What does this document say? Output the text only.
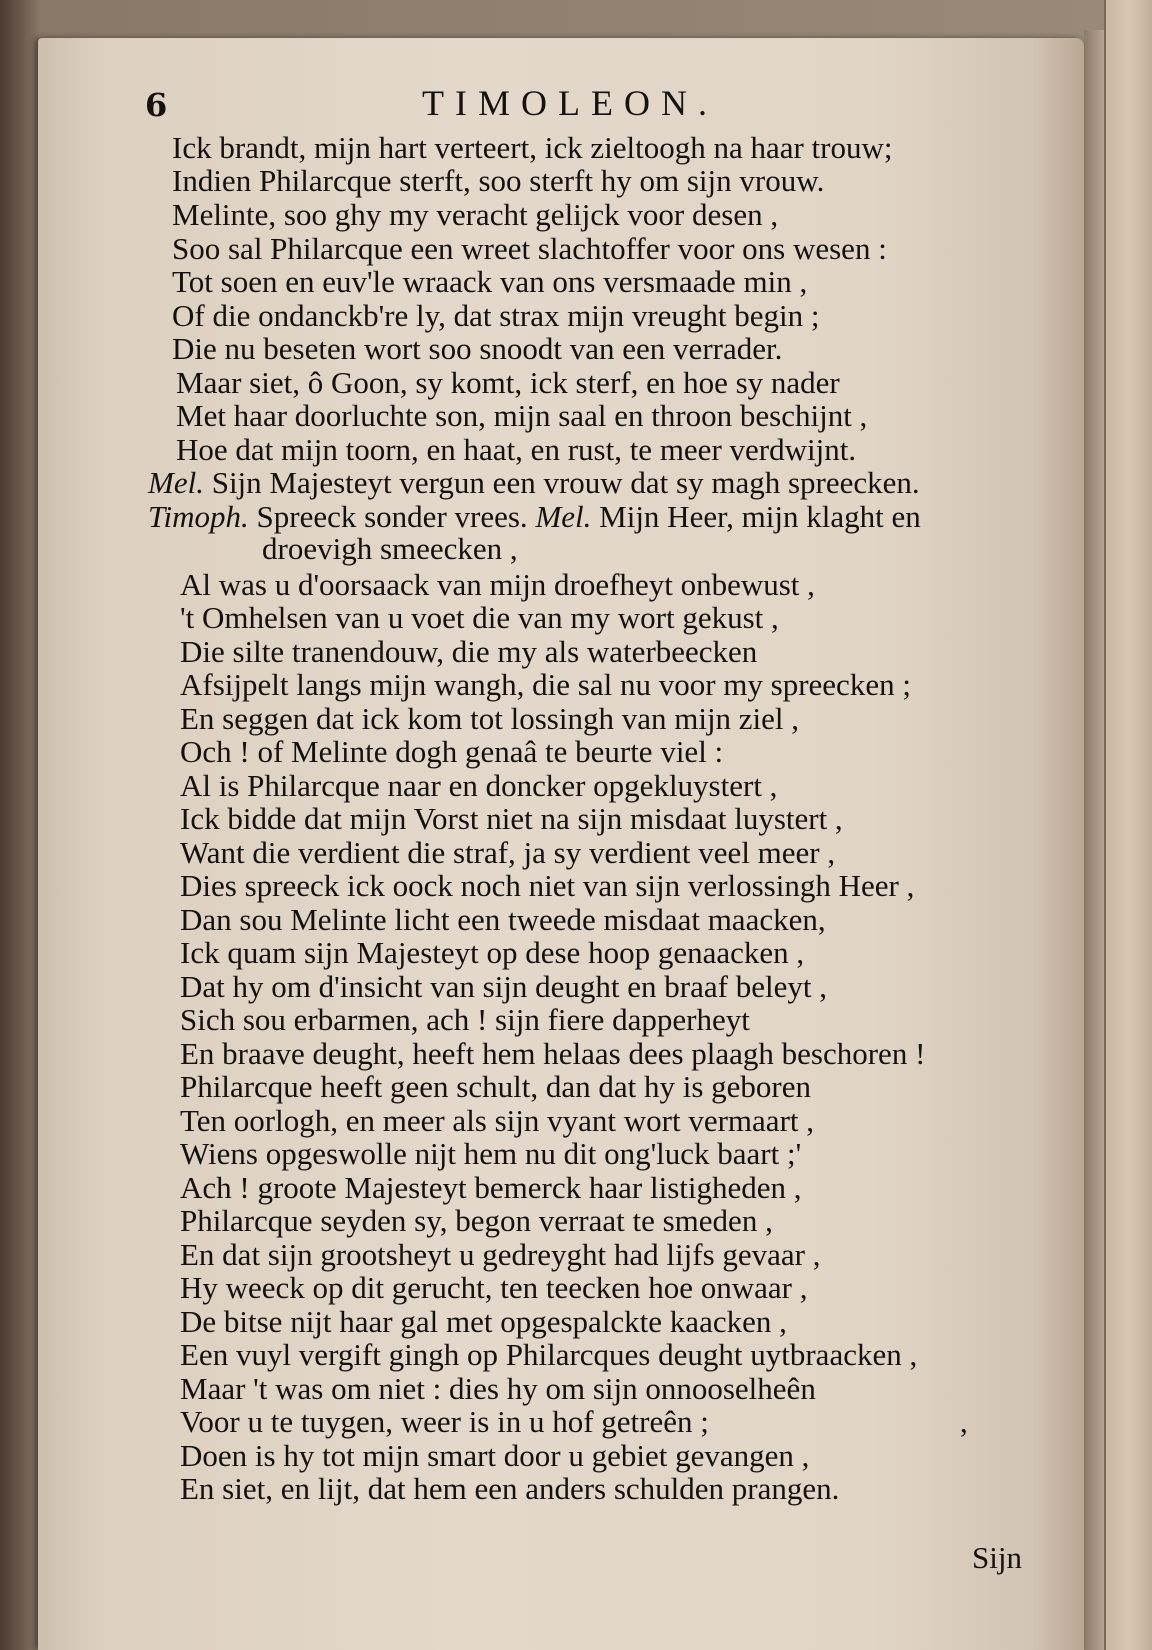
6	TIMOLEON.
Ick brandt, mijn hart verteert, ick zieltoogh na haar trouw;
Indien Philarcque sterft, soo sterft hy om sijn vrouw.
Melinte, soo ghy my veracht gelijck voor desen ,
Soo sal Philarcque een wreet slachtoffer voor ons wesen :
Tot soen en euv'le wraack van ons versmaade min ,
Of die ondanckb're ly, dat strax mijn vreught begin ;
Die nu beseten wort soo snoodt van een verrader.
Maar siet, ô Goon, sy komt, ick sterf, en hoe sy nader
Met haar doorluchte son, mijn saal en throon beschijnt ,
Hoe dat mijn toorn, en haat, en rust, te meer verdwijnt.
Mel. Sijn Majesteyt vergun een vrouw dat sy magh spreecken.
Timoph. Spreeck sonder vrees. Mel. Mijn Heer, mijn klaght en
droevigh smeecken ,
Al was u d'oorsaack van mijn droefheyt onbewust ,
't Omhelsen van u voet die van my wort gekust ,
Die silte tranendouw, die my als waterbeecken
Afsijpelt langs mijn wangh, die sal nu voor my spreecken ;
En seggen dat ick kom tot lossingh van mijn ziel ,
Och ! of Melinte dogh genaâ te beurte viel :
Al is Philarcque naar en doncker opgekluystert ,
Ick bidde dat mijn Vorst niet na sijn misdaat luystert ,
Want die verdient die straf, ja sy verdient veel meer ,
Dies spreeck ick oock noch niet van sijn verlossingh Heer ,
Dan sou Melinte licht een tweede misdaat maacken,
Ick quam sijn Majesteyt op dese hoop genaacken ,
Dat hy om d'insicht van sijn deught en braaf beleyt ,
Sich sou erbarmen, ach ! sijn fiere dapperheyt
En braave deught, heeft hem helaas dees plaagh beschoren !
Philarcque heeft geen schult, dan dat hy is geboren
Ten oorlogh, en meer als sijn vyant wort vermaart ,
Wiens opgeswolle nijt hem nu dit ong'luck baart ;'
Ach ! groote Majesteyt bemerck haar listigheden ,
Philarcque seyden sy, begon verraat te smeden ,
En dat sijn grootsheyt u gedreyght had lijfs gevaar ,
Hy weeck op dit gerucht, ten teecken hoe onwaar ,
De bitse nijt haar gal met opgespalckte kaacken ,
Een vuyl vergift gingh op Philarcques deught uytbraacken ,
Maar 't was om niet : dies hy om sijn onnooselheên
Voor u te tuygen, weer is in u hof getreên ;	,
Doen is hy tot mijn smart door u gebiet gevangen ,
En siet, en lijt, dat hem een anders schulden prangen.
Sijn
